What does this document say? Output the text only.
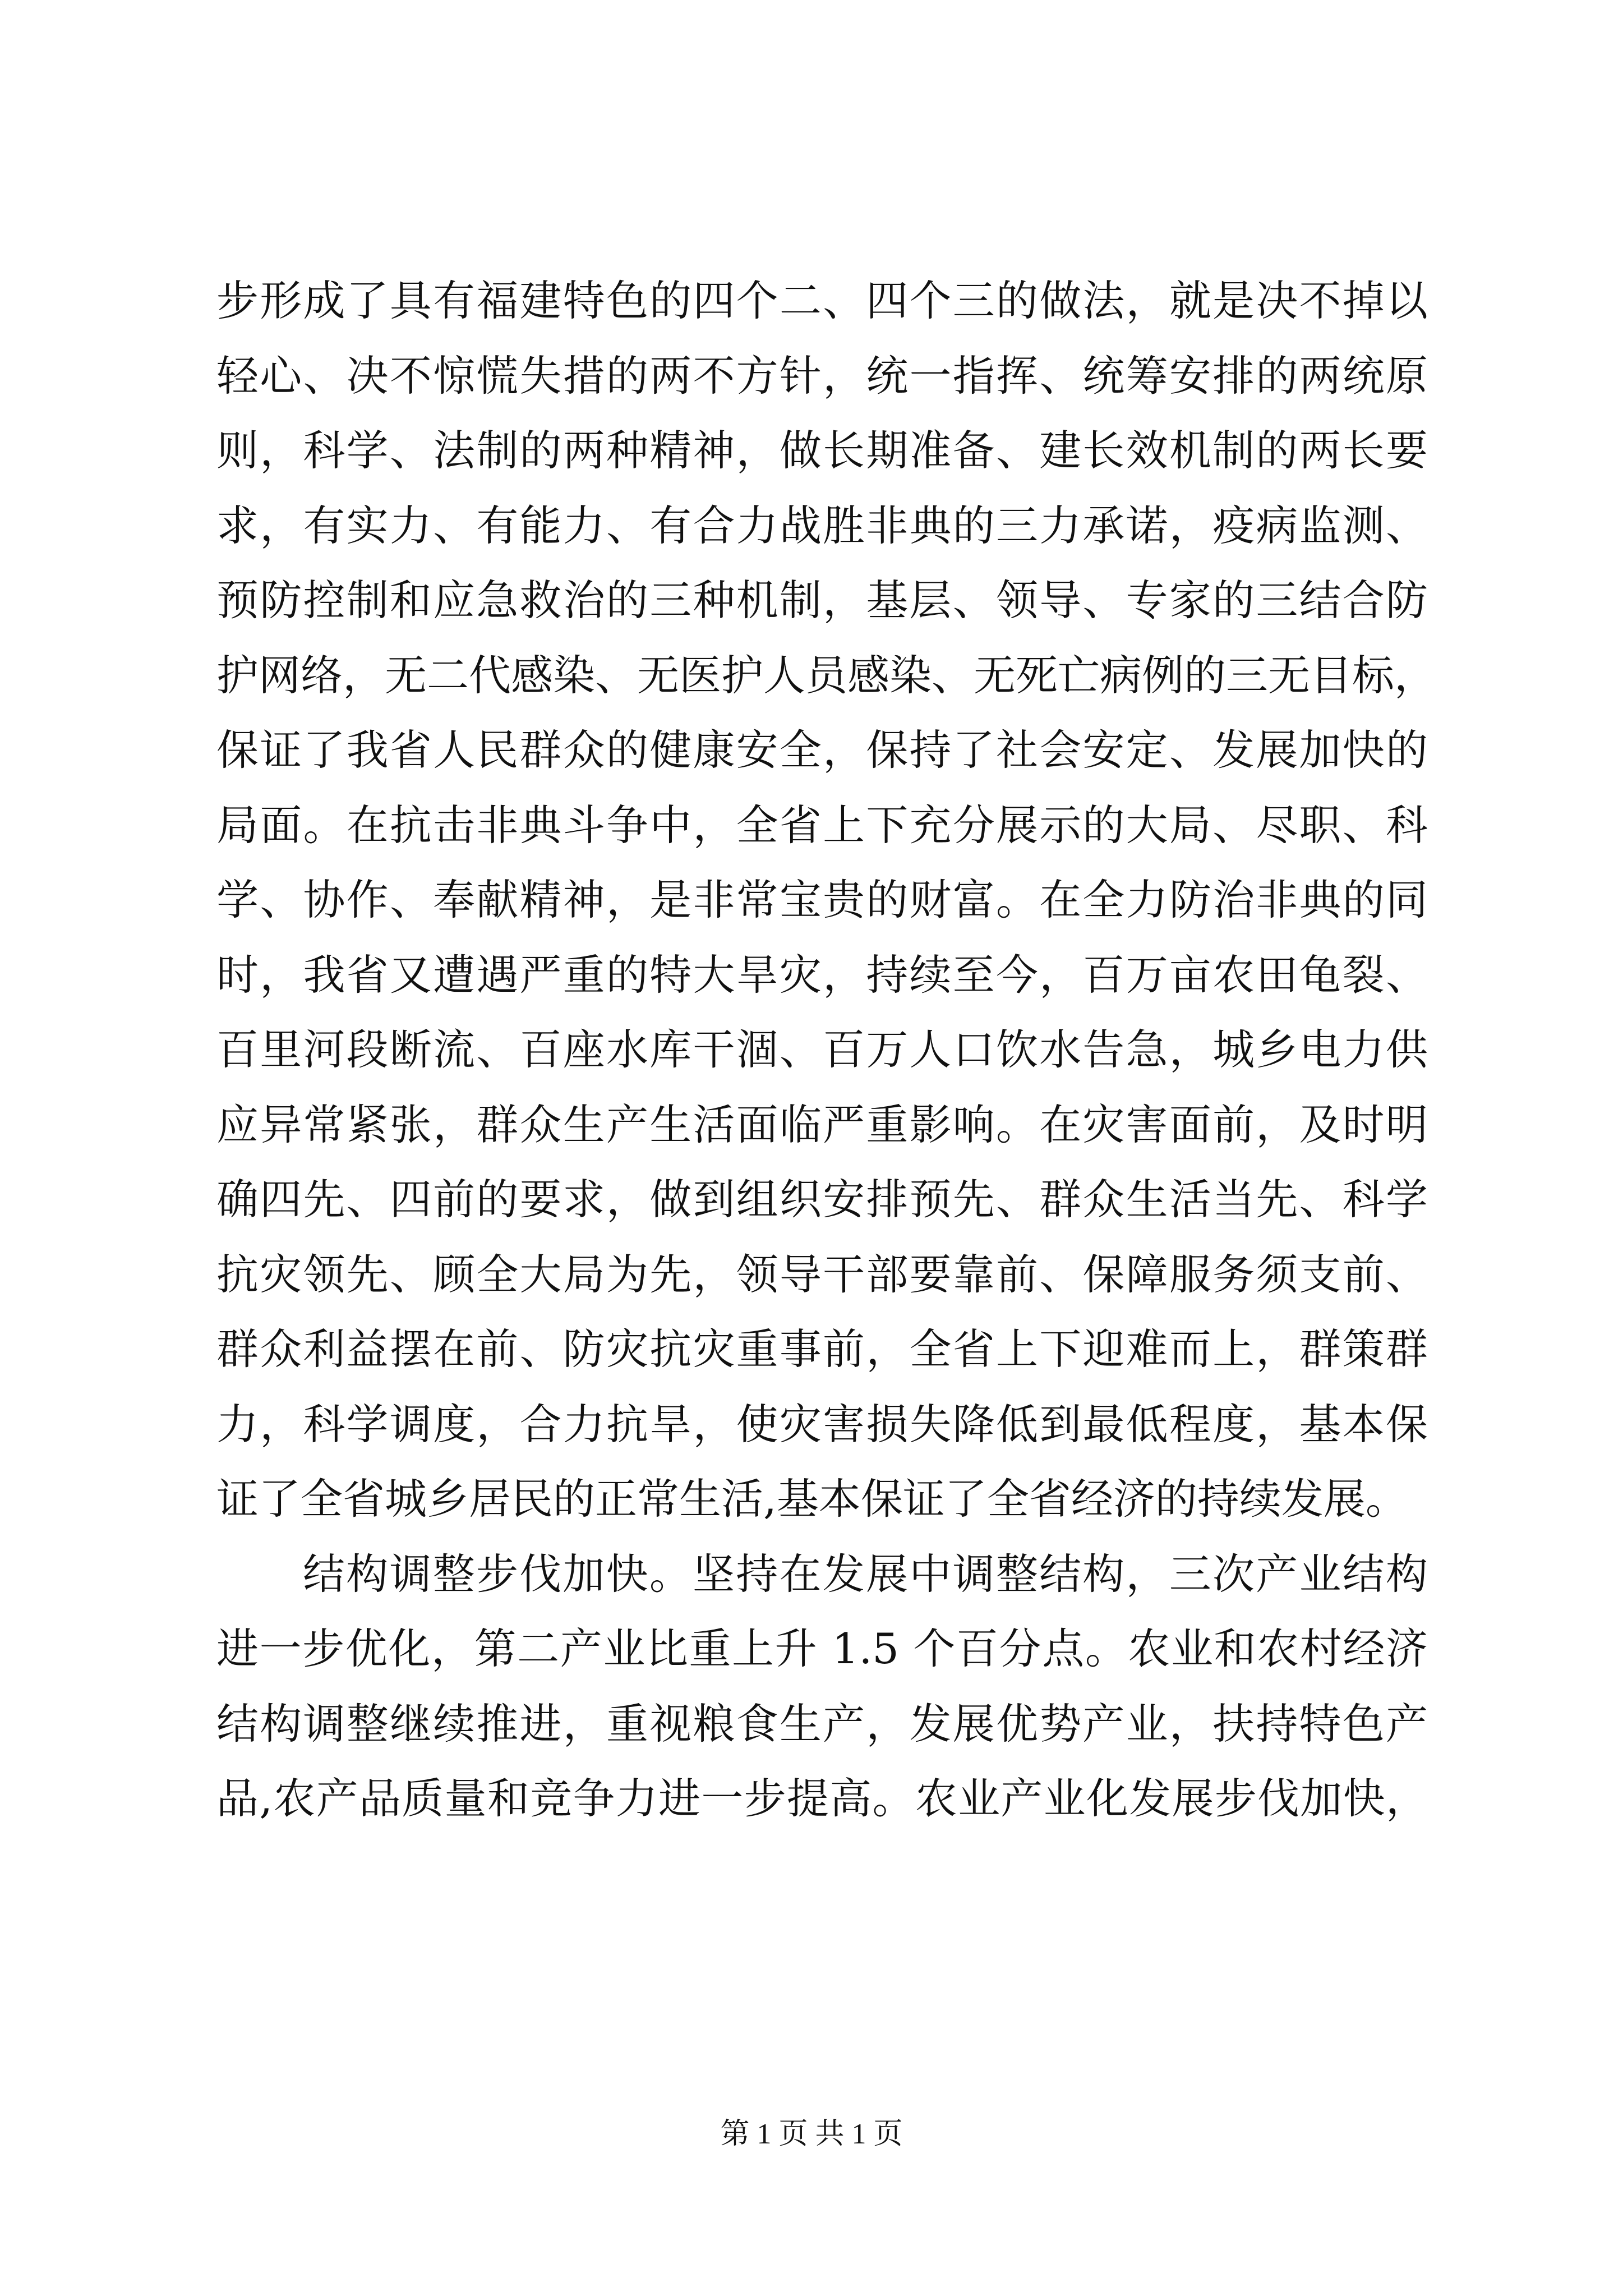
步形成了具有福建特色的四个二、四个三的做法，就是决不掉以
轻心、决不惊慌失措的两不方针，统一指挥、统筹安排的两统原
则，科学、法制的两种精神，做长期准备、建长效机制的两长要
求，有实力、有能力、有合力战胜非典的三力承诺，疫病监测、
预防控制和应急救治的三种机制，基层、领导、专家的三结合防
护网络，无二代感染、无医护人员感染、无死亡病例的三无目标，
保证了我省人民群众的健康安全，保持了社会安定、发展加快的
局面。在抗击非典斗争中，全省上下充分展示的大局、尽职、科
学、协作、奉献精神，是非常宝贵的财富。在全力防治非典的同
时，我省又遭遇严重的特大旱灾，持续至今，百万亩农田龟裂、
百里河段断流、百座水库干涸、百万人口饮水告急，城乡电力供
应异常紧张，群众生产生活面临严重影响。在灾害面前，及时明
确四先、四前的要求，做到组织安排预先、群众生活当先、科学
抗灾领先、顾全大局为先，领导干部要靠前、保障服务须支前、
群众利益摆在前、防灾抗灾重事前，全省上下迎难而上，群策群
力，科学调度，合力抗旱，使灾害损失降低到最低程度，基本保
证了全省城乡居民的正常生活,基本保证了全省经济的持续发展。
结构调整步伐加快。坚持在发展中调整结构，三次产业结构
进一步优化，第二产业比重上升 1.5 个百分点。农业和农村经济
结构调整继续推进，重视粮食生产，发展优势产业，扶持特色产
品,农产品质量和竞争力进一步提高。农业产业化发展步伐加快，
第 1 页 共 1 页
